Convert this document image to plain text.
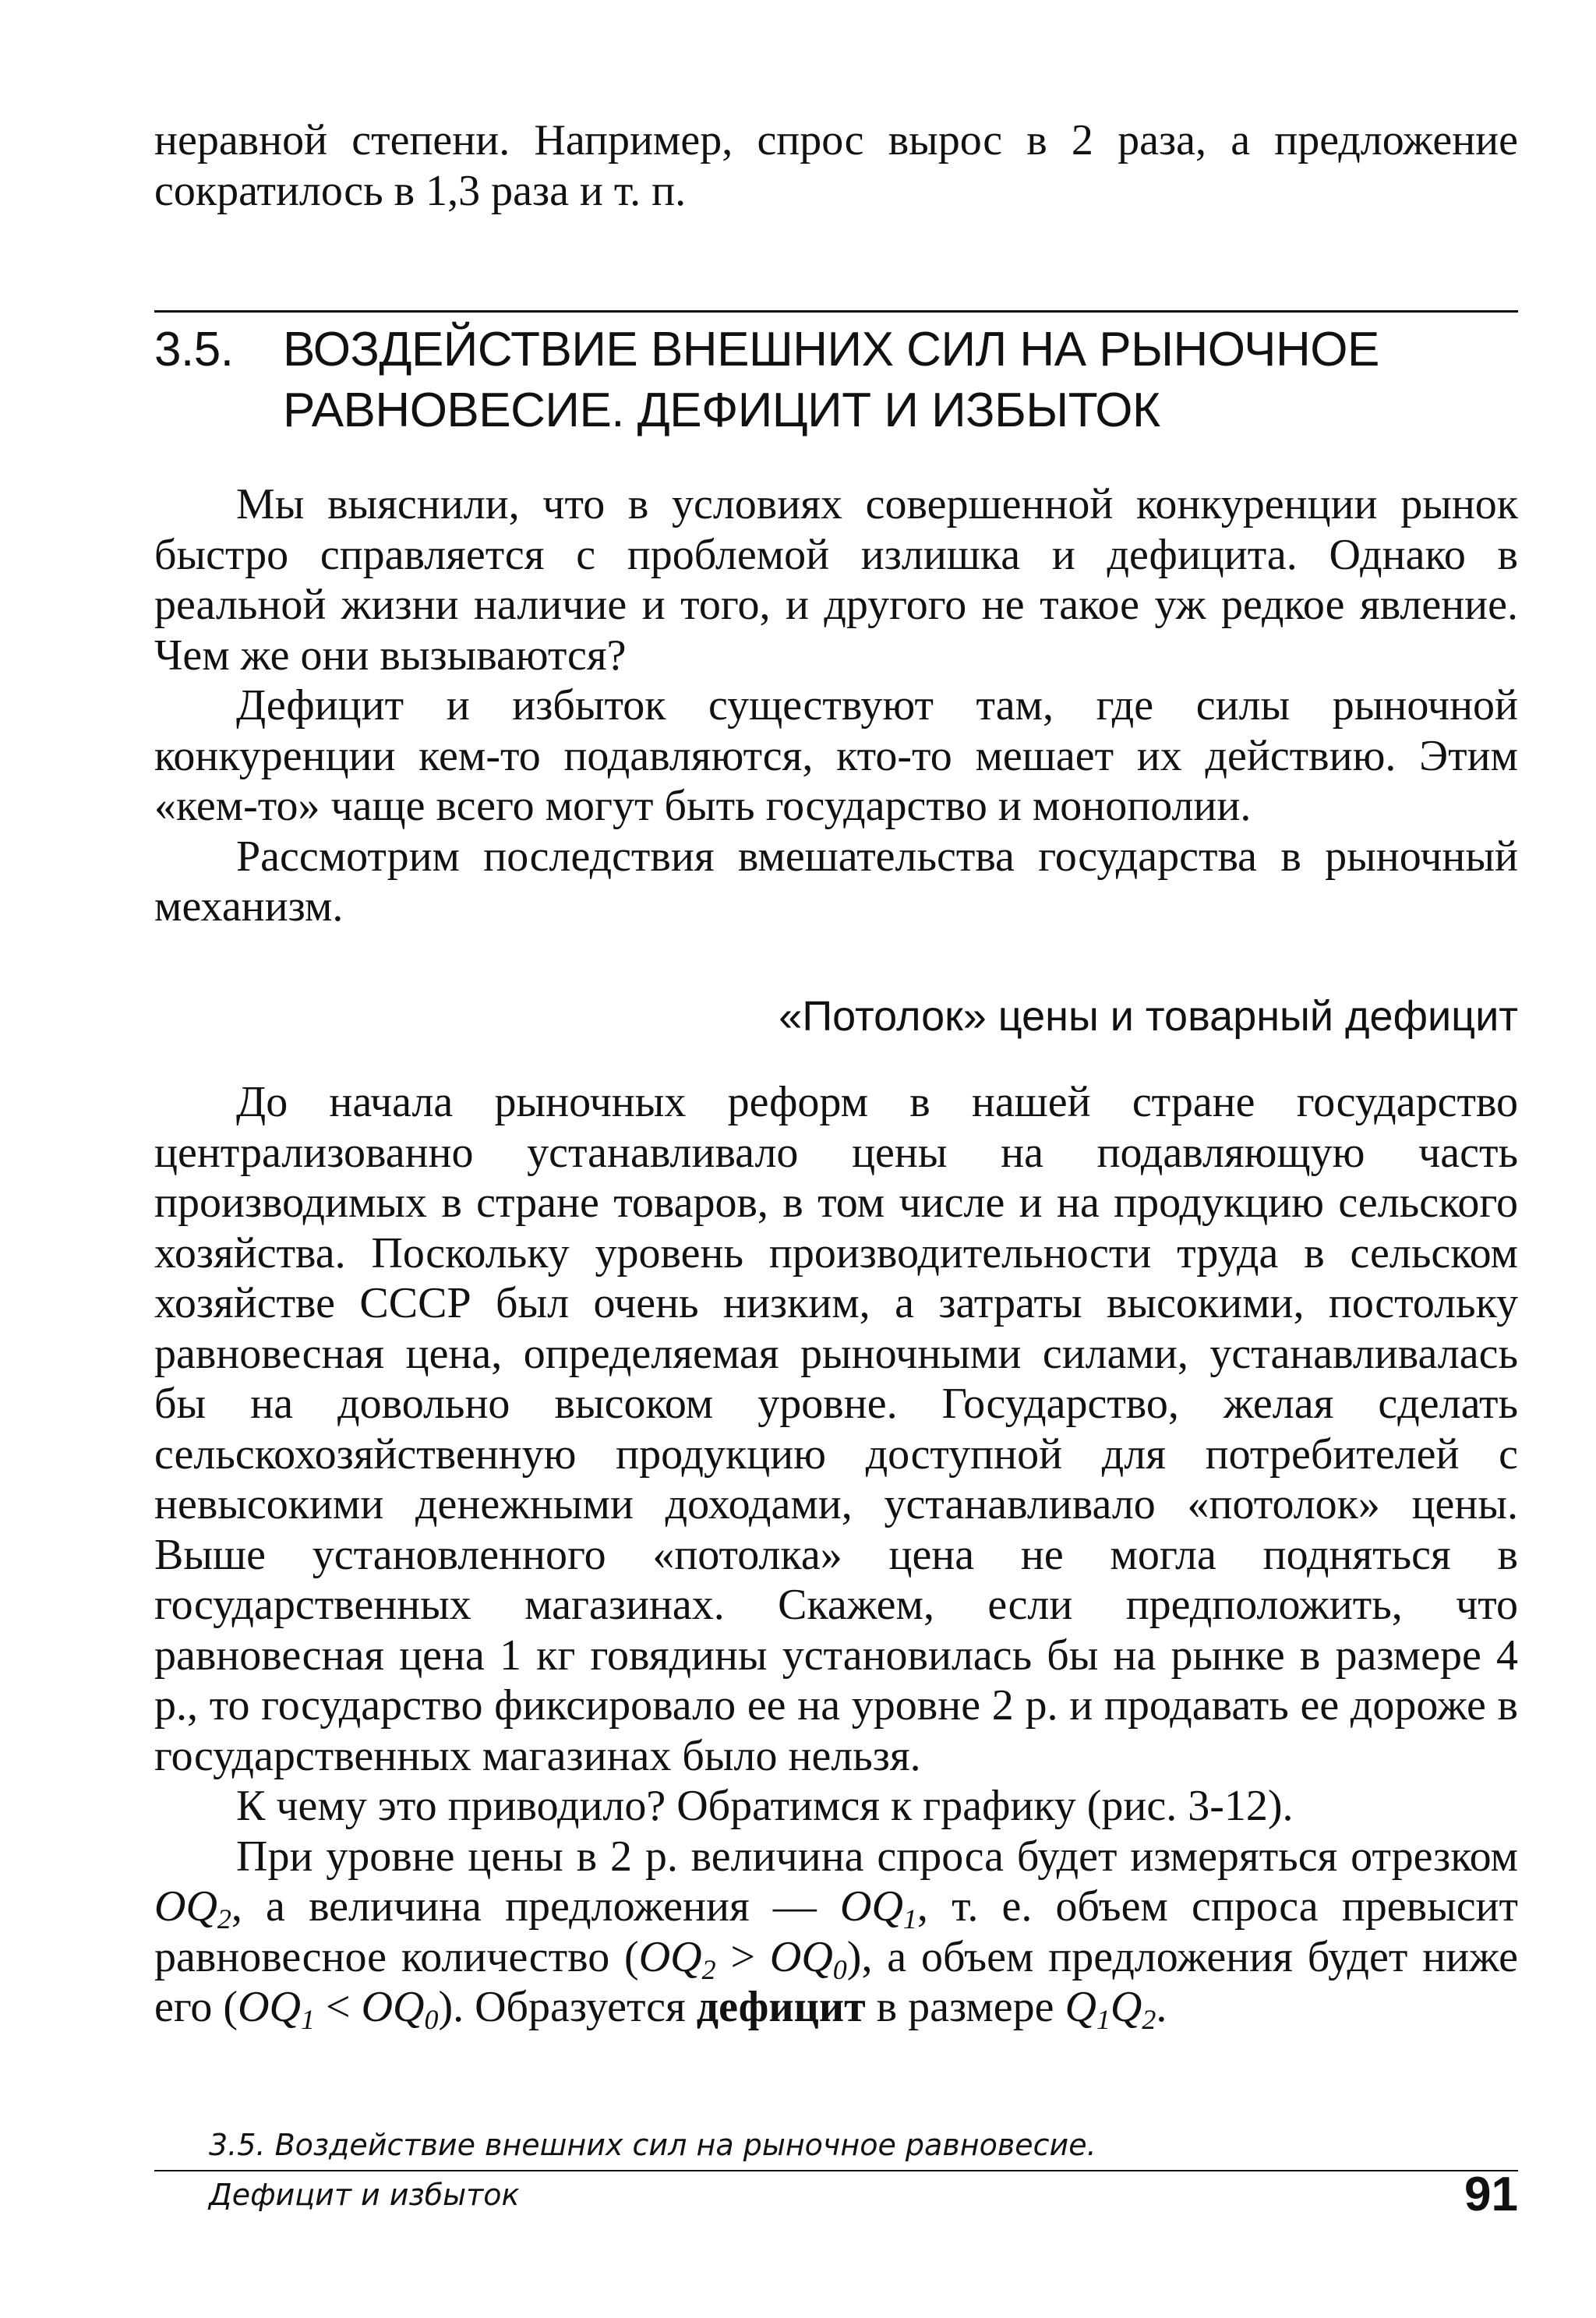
неравной степени. Например, спрос вырос в 2 раза, а предложение сократилось в 1,3 раза и т. п.

3.5. ВОЗДЕЙСТВИЕ ВНЕШНИХ СИЛ НА РЫНОЧНОЕ РАВНОВЕСИЕ. ДЕФИЦИТ И ИЗБЫТОК

Мы выяснили, что в условиях совершенной конкуренции рынок быстро справляется с проблемой излишка и дефицита. Однако в реальной жизни наличие и того, и другого не такое уж редкое явление. Чем же они вызываются?

Дефицит и избыток существуют там, где силы рыночной конкуренции кем-то подавляются, кто-то мешает их действию. Этим «кем-то» чаще всего могут быть государство и монополии.

Рассмотрим последствия вмешательства государства в рыночный механизм.

«Потолок» цены и товарный дефицит

До начала рыночных реформ в нашей стране государство централизованно устанавливало цены на подавляющую часть производимых в стране товаров, в том числе и на продукцию сельского хозяйства. Поскольку уровень производительности труда в сельском хозяйстве СССР был очень низким, а затраты высокими, постольку равновесная цена, определяемая рыночными силами, устанавливалась бы на довольно высоком уровне. Государство, желая сделать сельскохозяйственную продукцию доступной для потребителей с невысокими денежными доходами, устанавливало «потолок» цены. Выше установленного «потолка» цена не могла подняться в государственных магазинах. Скажем, если предположить, что равновесная цена 1 кг говядины установилась бы на рынке в размере 4 р., то государство фиксировало ее на уровне 2 р. и продавать ее дороже в государственных магазинах было нельзя.

К чему это приводило? Обратимся к графику (рис. 3-12).

При уровне цены в 2 р. величина спроса будет измеряться отрезком $OQ_2$, а величина предложения — $OQ_1$, т. е. объем спроса превысит равновесное количество $(OQ_2 > OQ_0)$, а объем предложения будет ниже его $(OQ_1 < OQ_0)$. Образуется дефицит в размере $Q_1Q_2$.

3.5. Воздействие внешних сил на рыночное равновесие.
Дефицит и избыток	91
